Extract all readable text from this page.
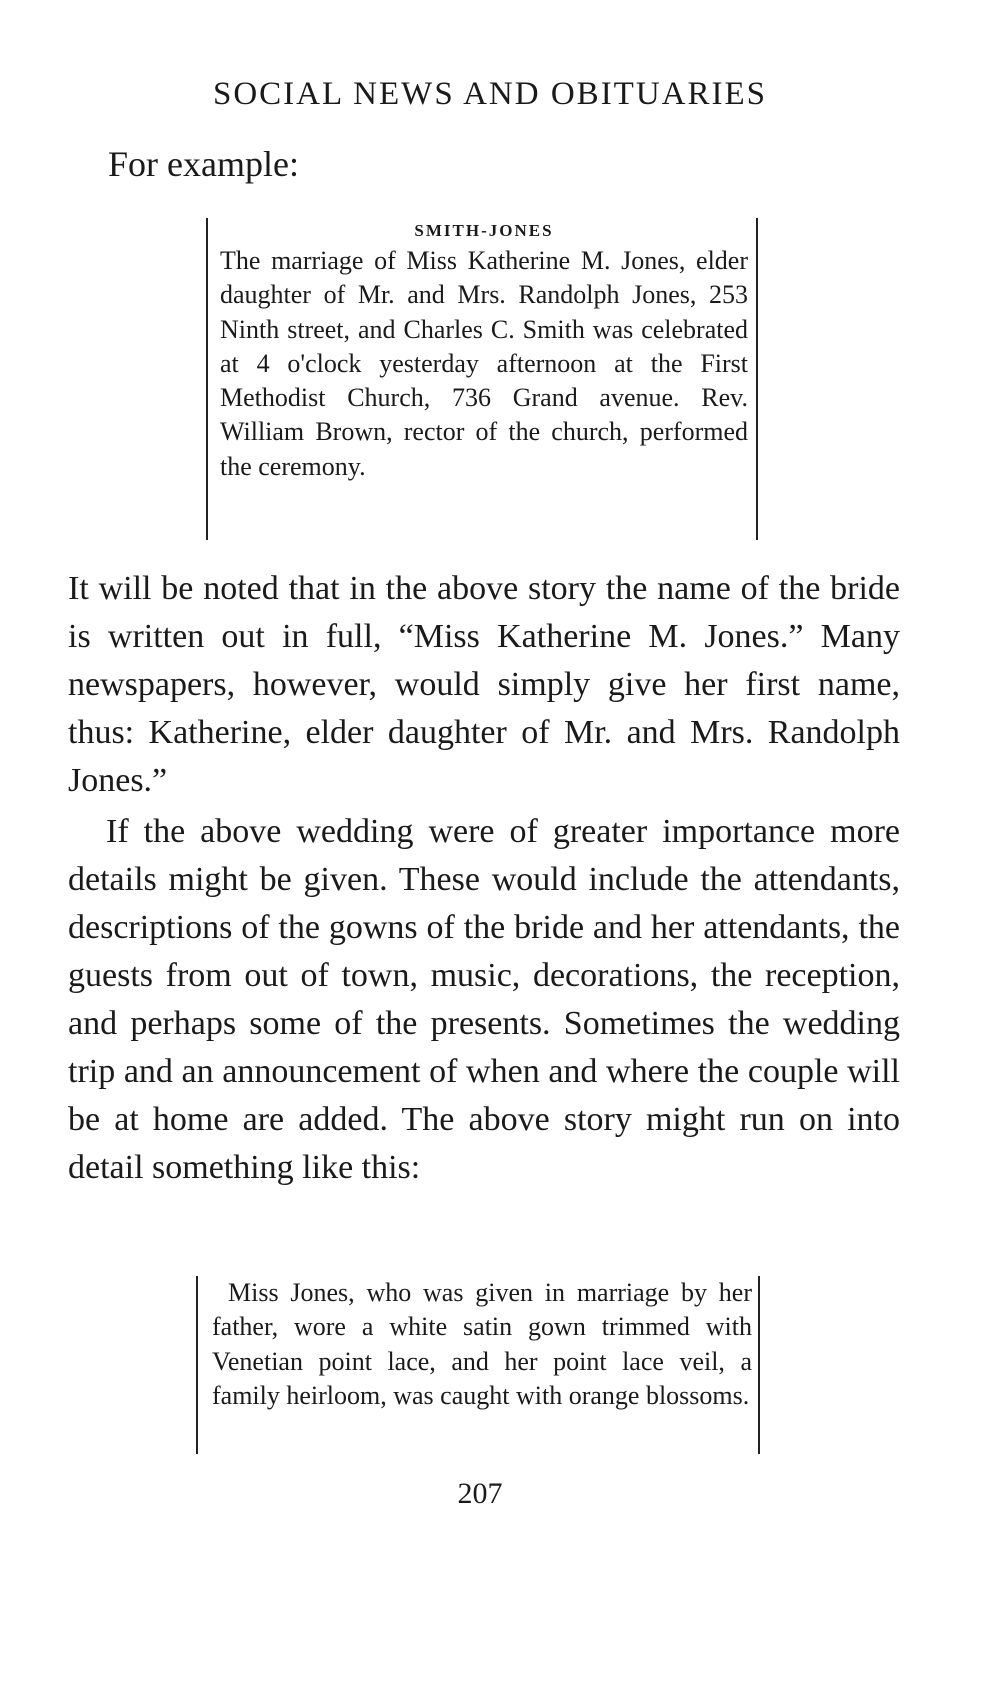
SOCIAL NEWS AND OBITUARIES
For example:
SMITH-JONES
The marriage of Miss Katherine M. Jones, elder daughter of Mr. and Mrs. Randolph Jones, 253 Ninth street, and Charles C. Smith was celebrated at 4 o'clock yesterday afternoon at the First Methodist Church, 736 Grand avenue. Rev. William Brown, rector of the church, performed the ceremony.
It will be noted that in the above story the name of the bride is written out in full, “Miss Katherine M. Jones.” Many newspapers, however, would simply give her first name, thus: Katherine, elder daughter of Mr. and Mrs. Randolph Jones.”
If the above wedding were of greater importance more details might be given. These would include the attendants, descriptions of the gowns of the bride and her attendants, the guests from out of town, music, decorations, the reception, and perhaps some of the presents. Sometimes the wedding trip and an announcement of when and where the couple will be at home are added. The above story might run on into detail something like this:
Miss Jones, who was given in marriage by her father, wore a white satin gown trimmed with Venetian point lace, and her point lace veil, a family heirloom, was caught with orange blossoms.
207
